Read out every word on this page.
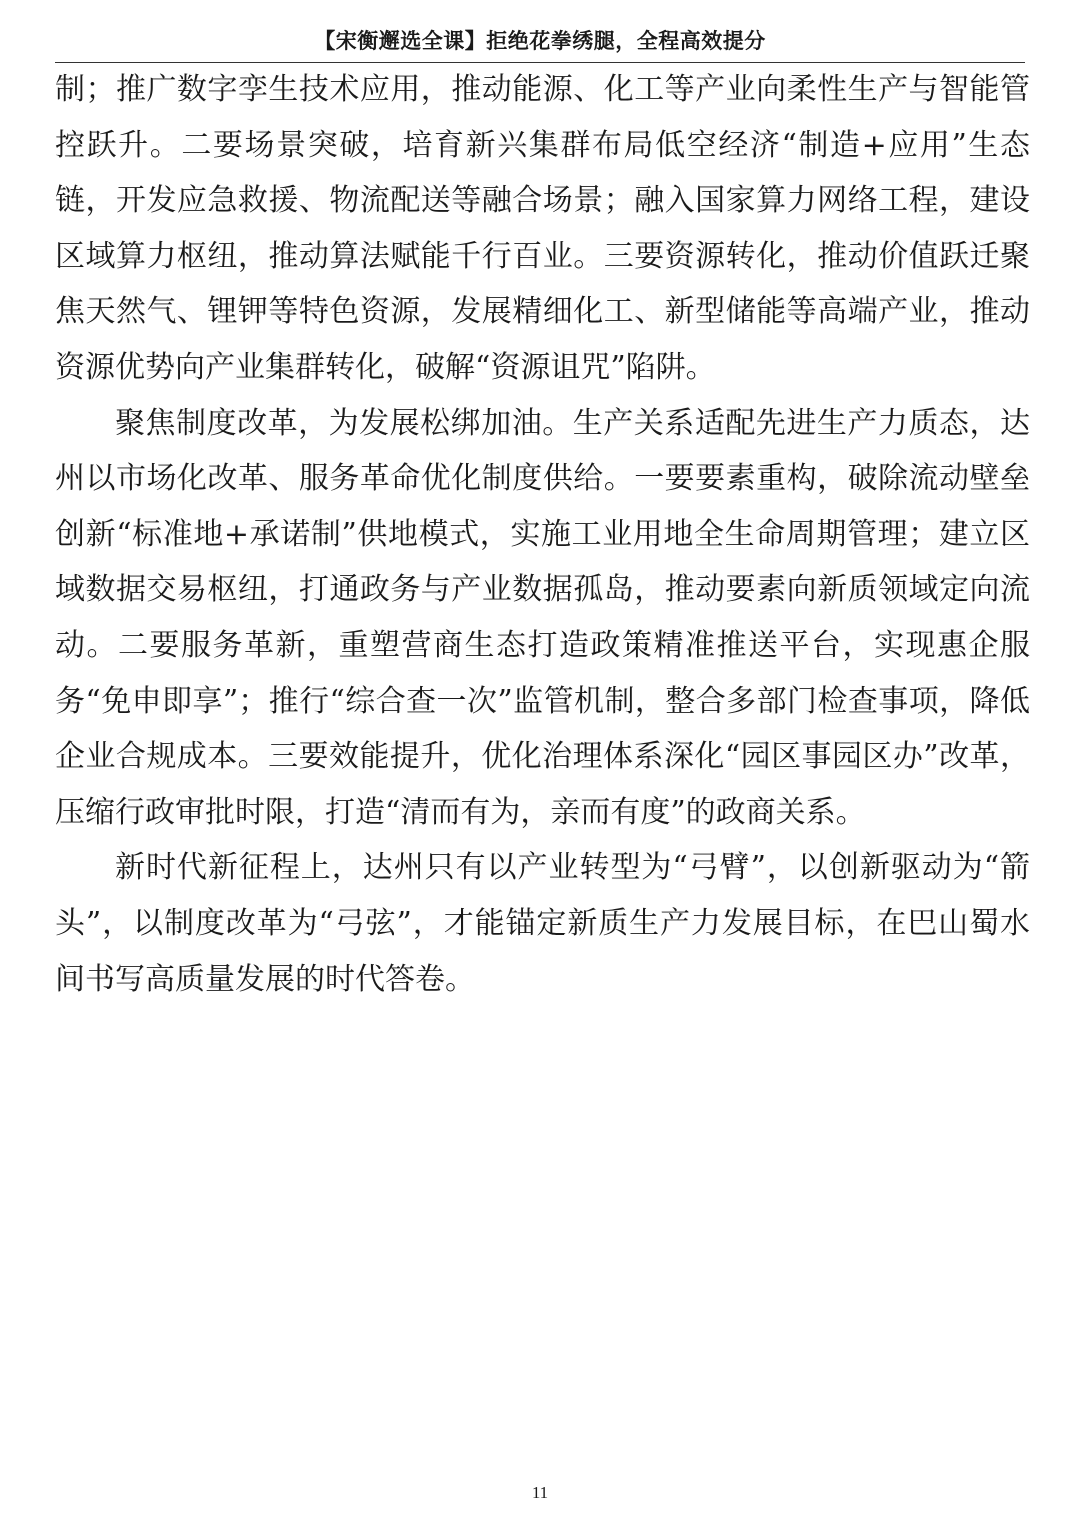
【宋衡邂选全课】拒绝花拳绣腿，全程高效提分

制；推广数字孪生技术应用，推动能源、化工等产业向柔性生产与智能管控跃升。二要场景突破，培育新兴集群布局低空经济“制造+应用”生态链，开发应急救援、物流配送等融合场景；融入国家算力网络工程，建设区域算力枢纽，推动算法赋能千行百业。三要资源转化，推动价值跃迁聚焦天然气、锂钾等特色资源，发展精细化工、新型储能等高端产业，推动资源优势向产业集群转化，破解“资源诅咒”陷阱。

聚焦制度改革，为发展松绑加油。生产关系适配先进生产力质态，达州以市场化改革、服务革命优化制度供给。一要要素重构，破除流动壁垒创新“标准地+承诺制”供地模式，实施工业用地全生命周期管理；建立区域数据交易枢纽，打通政务与产业数据孤岛，推动要素向新质领域定向流动。二要服务革新，重塑营商生态打造政策精准推送平台，实现惠企服务“免申即享”；推行“综合查一次”监管机制，整合多部门检查事项，降低企业合规成本。三要效能提升，优化治理体系深化“园区事园区办”改革，压缩行政审批时限，打造“清而有为，亲而有度”的政商关系。

新时代新征程上，达州只有以产业转型为“弓臂”，以创新驱动为“箭头”，以制度改革为“弓弦”，才能锚定新质生产力发展目标，在巴山蜀水间书写高质量发展的时代答卷。

11
